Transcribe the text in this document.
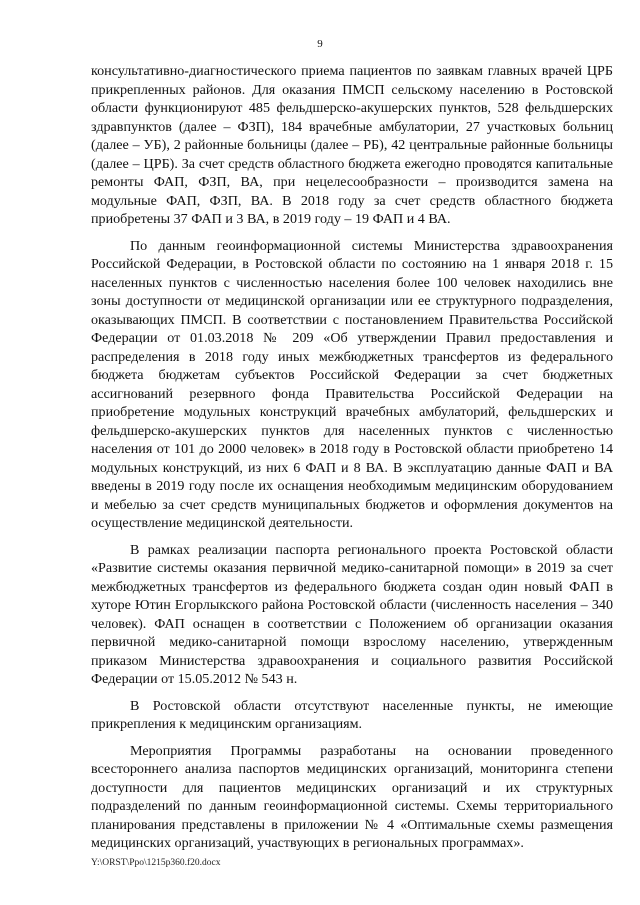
9

консультативно-диагностического приема пациентов по заявкам главных врачей ЦРБ прикрепленных районов. Для оказания ПМСП сельскому населению в Ростовской области функционируют 485 фельдшерско-акушерских пунктов, 528 фельдшерских здравпунктов (далее – ФЗП), 184 врачебные амбулатории, 27 участковых больниц (далее – УБ), 2 районные больницы (далее – РБ), 42 центральные районные больницы (далее – ЦРБ). За счет средств областного бюджета ежегодно проводятся капитальные ремонты ФАП, ФЗП, ВА, при нецелесообразности – производится замена на модульные ФАП, ФЗП, ВА. В 2018 году за счет средств областного бюджета приобретены 37 ФАП и 3 ВА, в 2019 году – 19 ФАП и 4 ВА.

По данным геоинформационной системы Министерства здравоохранения Российской Федерации, в Ростовской области по состоянию на 1 января 2018 г. 15 населенных пунктов с численностью населения более 100 человек находились вне зоны доступности от медицинской организации или ее структурного подразделения, оказывающих ПМСП. В соответствии с постановлением Правительства Российской Федерации от 01.03.2018 № 209 «Об утверждении Правил предоставления и распределения в 2018 году иных межбюджетных трансфертов из федерального бюджета бюджетам субъектов Российской Федерации за счет бюджетных ассигнований резервного фонда Правительства Российской Федерации на приобретение модульных конструкций врачебных амбулаторий, фельдшерских и фельдшерско-акушерских пунктов для населенных пунктов с численностью населения от 101 до 2000 человек» в 2018 году в Ростовской области приобретено 14 модульных конструкций, из них 6 ФАП и 8 ВА. В эксплуатацию данные ФАП и ВА введены в 2019 году после их оснащения необходимым медицинским оборудованием и мебелью за счет средств муниципальных бюджетов и оформления документов на осуществление медицинской деятельности.

В рамках реализации паспорта регионального проекта Ростовской области «Развитие системы оказания первичной медико-санитарной помощи» в 2019 за счет межбюджетных трансфертов из федерального бюджета создан один новый ФАП в хуторе Ютин Егорлыкского района Ростовской области (численность населения – 340 человек). ФАП оснащен в соответствии с Положением об организации оказания первичной медико-санитарной помощи взрослому населению, утвержденным приказом Министерства здравоохранения и социального развития Российской Федерации от 15.05.2012 № 543 н.

В Ростовской области отсутствуют населенные пункты, не имеющие прикрепления к медицинским организациям.

Мероприятия Программы разработаны на основании проведенного всестороннего анализа паспортов медицинских организаций, мониторинга степени доступности для пациентов медицинских организаций и их структурных подразделений по данным геоинформационной системы. Схемы территориального планирования представлены в приложении № 4 «Оптимальные схемы размещения медицинских организаций, участвующих в региональных программах».

Y:\ORST\Ppo\1215p360.f20.docx
